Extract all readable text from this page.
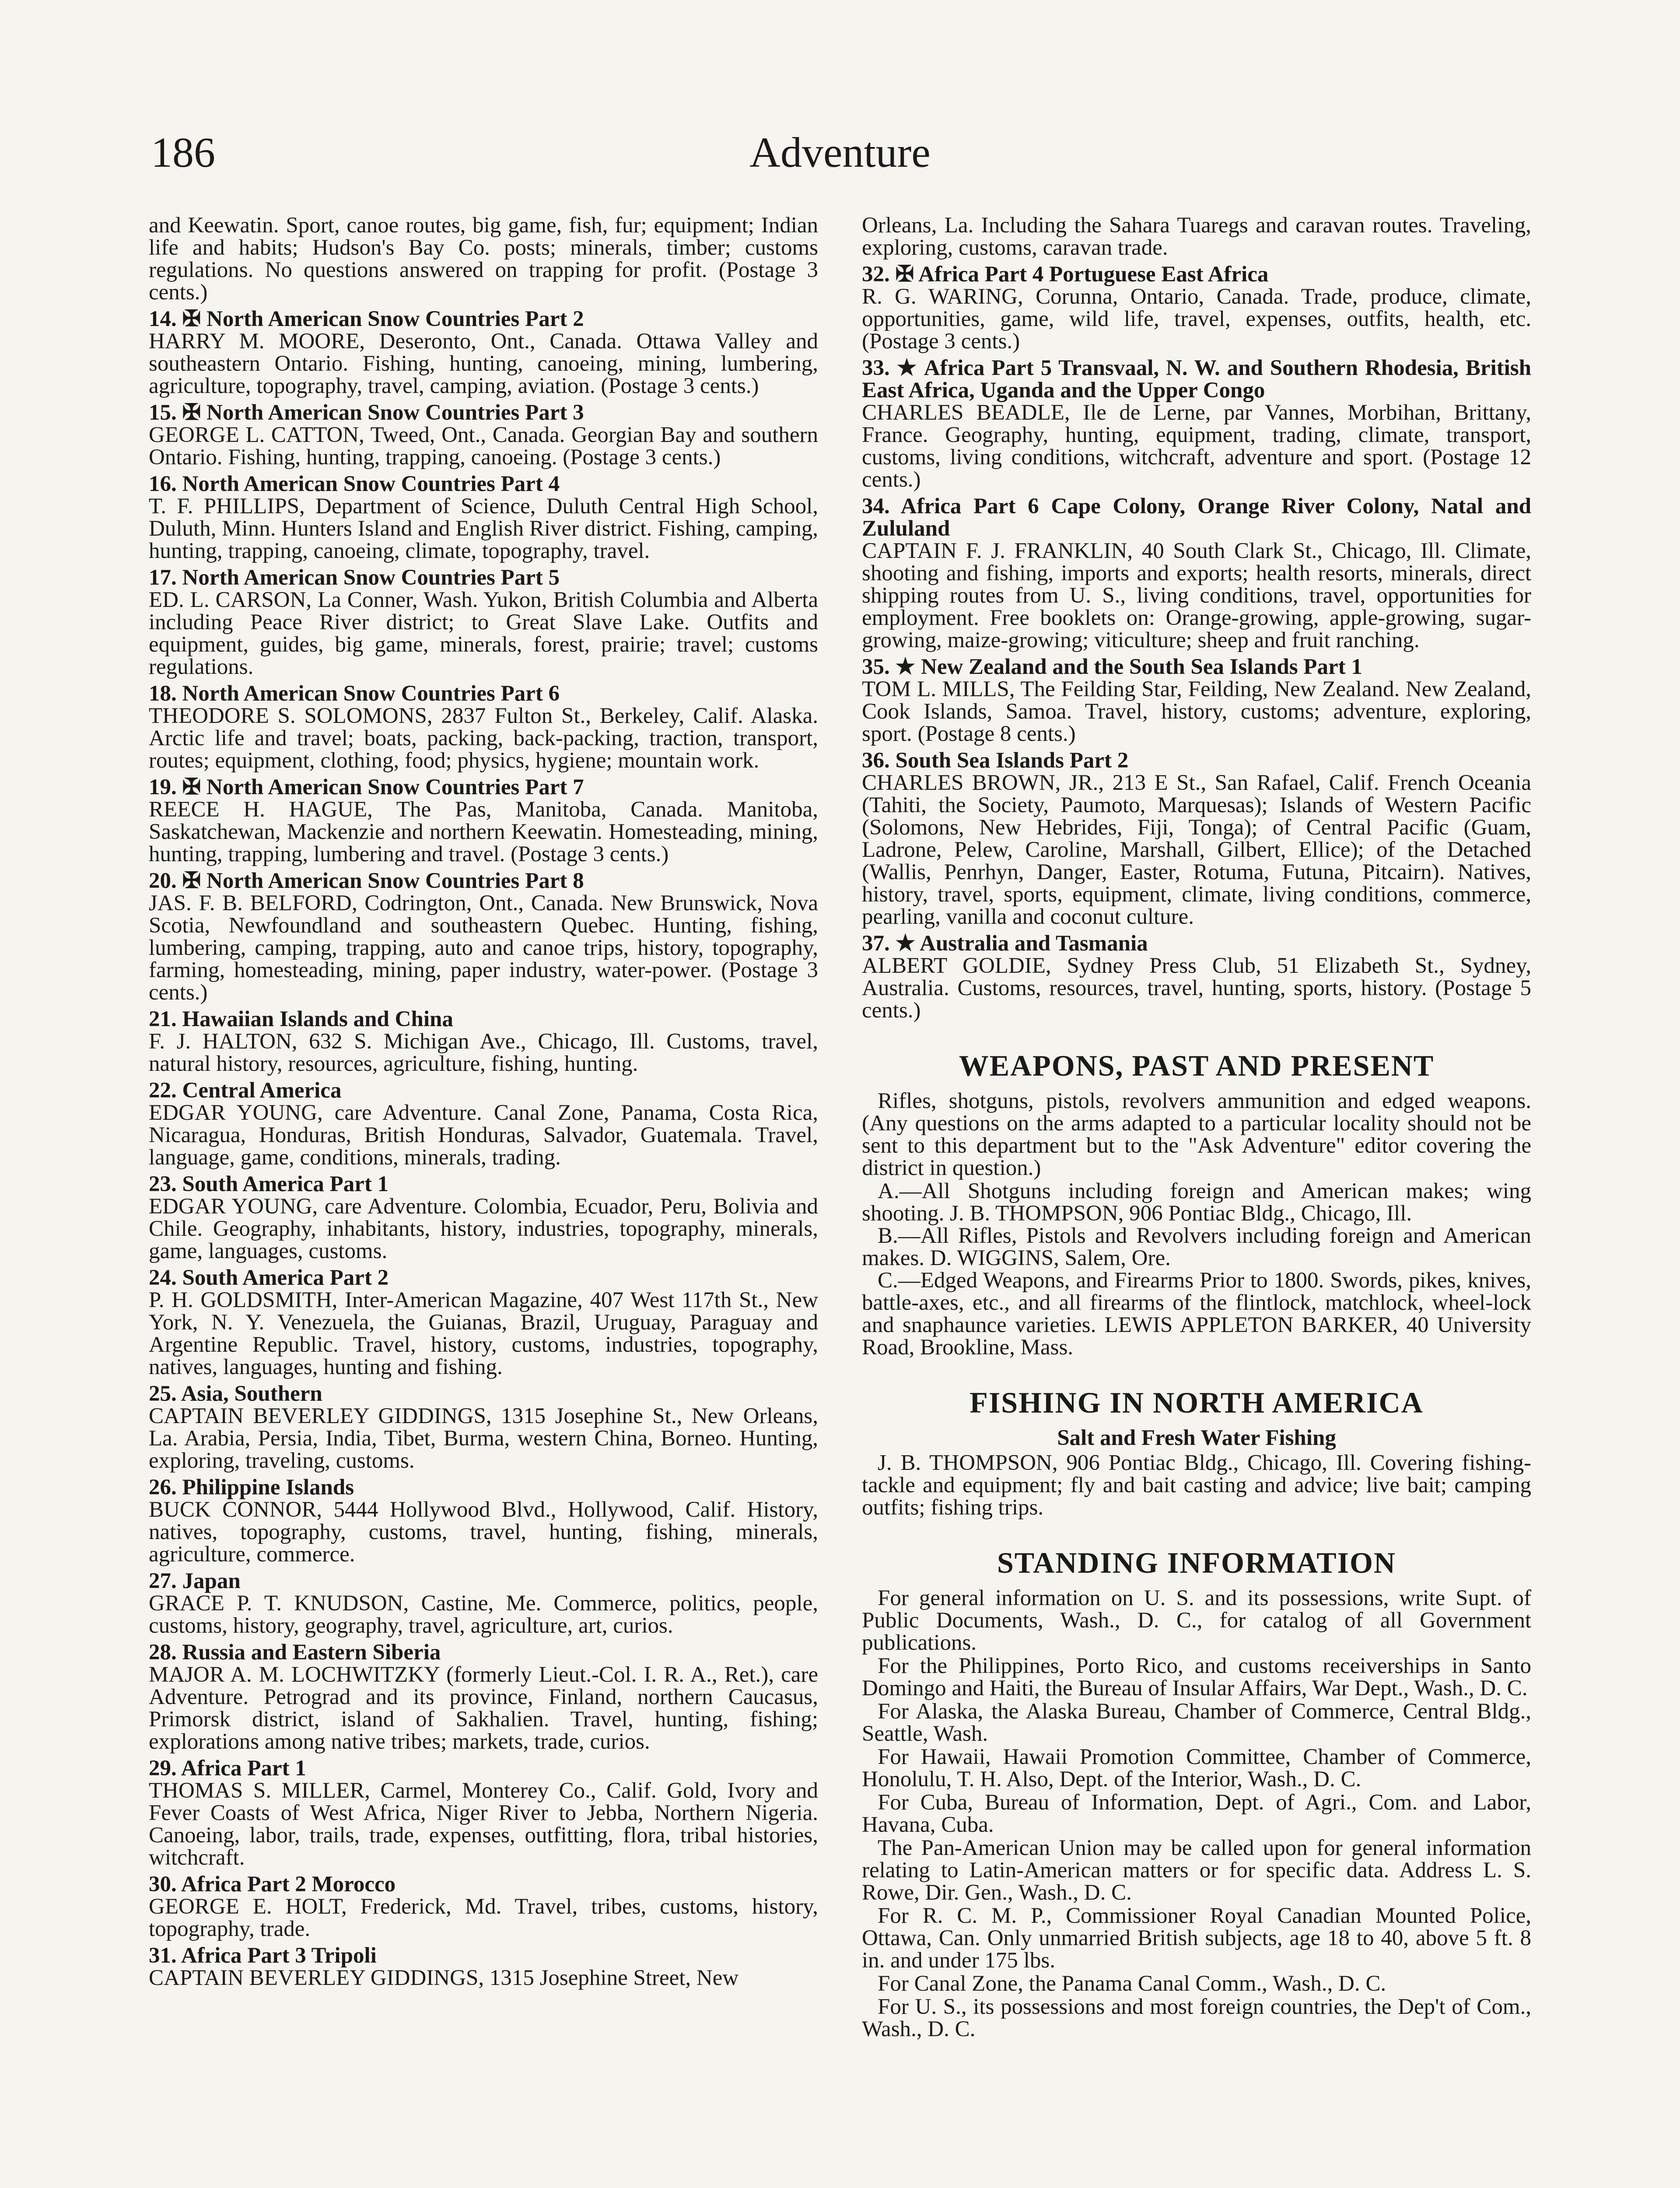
186	Adventure
and Keewatin. Sport, canoe routes, big game, fish, fur; equipment; Indian life and habits; Hudson's Bay Co. posts; minerals, timber; customs regulations. No questions answered on trapping for profit. (Postage 3 cents.)
14. ✠ North American Snow Countries Part 2
HARRY M. MOORE, Deseronto, Ont., Canada. Ottawa Valley and southeastern Ontario. Fishing, hunting, canoeing, mining, lumbering, agriculture, topography, travel, camping, aviation. (Postage 3 cents.)
15. ✠ North American Snow Countries Part 3
GEORGE L. CATTON, Tweed, Ont., Canada. Georgian Bay and southern Ontario. Fishing, hunting, trapping, canoeing. (Postage 3 cents.)
16. North American Snow Countries Part 4
T. F. PHILLIPS, Department of Science, Duluth Central High School, Duluth, Minn. Hunters Island and English River district. Fishing, camping, hunting, trapping, canoeing, climate, topography, travel.
17. North American Snow Countries Part 5
ED. L. CARSON, La Conner, Wash. Yukon, British Columbia and Alberta including Peace River district; to Great Slave Lake. Outfits and equipment, guides, big game, minerals, forest, prairie; travel; customs regulations.
18. North American Snow Countries Part 6
THEODORE S. SOLOMONS, 2837 Fulton St., Berkeley, Calif. Alaska. Arctic life and travel; boats, packing, back-packing, traction, transport, routes; equipment, clothing, food; physics, hygiene; mountain work.
19. ✠ North American Snow Countries Part 7
REECE H. HAGUE, The Pas, Manitoba, Canada. Manitoba, Saskatchewan, Mackenzie and northern Keewatin. Homesteading, mining, hunting, trapping, lumbering and travel. (Postage 3 cents.)
20. ✠ North American Snow Countries Part 8
JAS. F. B. BELFORD, Codrington, Ont., Canada. New Brunswick, Nova Scotia, Newfoundland and southeastern Quebec. Hunting, fishing, lumbering, camping, trapping, auto and canoe trips, history, topography, farming, homesteading, mining, paper industry, water-power. (Postage 3 cents.)
21. Hawaiian Islands and China
F. J. HALTON, 632 S. Michigan Ave., Chicago, Ill. Customs, travel, natural history, resources, agriculture, fishing, hunting.
22. Central America
EDGAR YOUNG, care Adventure. Canal Zone, Panama, Costa Rica, Nicaragua, Honduras, British Honduras, Salvador, Guatemala. Travel, language, game, conditions, minerals, trading.
23. South America Part 1
EDGAR YOUNG, care Adventure. Colombia, Ecuador, Peru, Bolivia and Chile. Geography, inhabitants, history, industries, topography, minerals, game, languages, customs.
24. South America Part 2
P. H. GOLDSMITH, Inter-American Magazine, 407 West 117th St., New York, N. Y. Venezuela, the Guianas, Brazil, Uruguay, Paraguay and Argentine Republic. Travel, history, customs, industries, topography, natives, languages, hunting and fishing.
25. Asia, Southern
CAPTAIN BEVERLEY GIDDINGS, 1315 Josephine St., New Orleans, La. Arabia, Persia, India, Tibet, Burma, western China, Borneo. Hunting, exploring, traveling, customs.
26. Philippine Islands
BUCK CONNOR, 5444 Hollywood Blvd., Hollywood, Calif. History, natives, topography, customs, travel, hunting, fishing, minerals, agriculture, commerce.
27. Japan
GRACE P. T. KNUDSON, Castine, Me. Commerce, politics, people, customs, history, geography, travel, agriculture, art, curios.
28. Russia and Eastern Siberia
MAJOR A. M. LOCHWITZKY (formerly Lieut.-Col. I. R. A., Ret.), care Adventure. Petrograd and its province, Finland, northern Caucasus, Primorsk district, island of Sakhalien. Travel, hunting, fishing; explorations among native tribes; markets, trade, curios.
29. Africa Part 1
THOMAS S. MILLER, Carmel, Monterey Co., Calif. Gold, Ivory and Fever Coasts of West Africa, Niger River to Jebba, Northern Nigeria. Canoeing, labor, trails, trade, expenses, outfitting, flora, tribal histories, witchcraft.
30. Africa Part 2 Morocco
GEORGE E. HOLT, Frederick, Md. Travel, tribes, customs, history, topography, trade.
31. Africa Part 3 Tripoli
CAPTAIN BEVERLEY GIDDINGS, 1315 Josephine Street, New
Orleans, La. Including the Sahara Tuaregs and caravan routes. Traveling, exploring, customs, caravan trade.
32. ✠ Africa Part 4 Portuguese East Africa
R. G. WARING, Corunna, Ontario, Canada. Trade, produce, climate, opportunities, game, wild life, travel, expenses, outfits, health, etc. (Postage 3 cents.)
33. ★ Africa Part 5 Transvaal, N. W. and Southern Rhodesia, British East Africa, Uganda and the Upper Congo
CHARLES BEADLE, Ile de Lerne, par Vannes, Morbihan, Brittany, France. Geography, hunting, equipment, trading, climate, transport, customs, living conditions, witchcraft, adventure and sport. (Postage 12 cents.)
34. Africa Part 6 Cape Colony, Orange River Colony, Natal and Zululand
CAPTAIN F. J. FRANKLIN, 40 South Clark St., Chicago, Ill. Climate, shooting and fishing, imports and exports; health resorts, minerals, direct shipping routes from U. S., living conditions, travel, opportunities for employment. Free booklets on: Orange-growing, apple-growing, sugar-growing, maize-growing; viticulture; sheep and fruit ranching.
35. ★ New Zealand and the South Sea Islands Part 1
TOM L. MILLS, The Feilding Star, Feilding, New Zealand. New Zealand, Cook Islands, Samoa. Travel, history, customs; adventure, exploring, sport. (Postage 8 cents.)
36. South Sea Islands Part 2
CHARLES BROWN, JR., 213 E St., San Rafael, Calif. French Oceania (Tahiti, the Society, Paumoto, Marquesas); Islands of Western Pacific (Solomons, New Hebrides, Fiji, Tonga); of Central Pacific (Guam, Ladrone, Pelew, Caroline, Marshall, Gilbert, Ellice); of the Detached (Wallis, Penrhyn, Danger, Easter, Rotuma, Futuna, Pitcairn). Natives, history, travel, sports, equipment, climate, living conditions, commerce, pearling, vanilla and coconut culture.
37. ★ Australia and Tasmania
ALBERT GOLDIE, Sydney Press Club, 51 Elizabeth St., Sydney, Australia. Customs, resources, travel, hunting, sports, history. (Postage 5 cents.)
WEAPONS, PAST AND PRESENT
Rifles, shotguns, pistols, revolvers ammunition and edged weapons. (Any questions on the arms adapted to a particular locality should not be sent to this department but to the "Ask Adventure" editor covering the district in question.)
A.—All Shotguns including foreign and American makes; wing shooting. J. B. THOMPSON, 906 Pontiac Bldg., Chicago, Ill.
B.—All Rifles, Pistols and Revolvers including foreign and American makes. D. WIGGINS, Salem, Ore.
C.—Edged Weapons, and Firearms Prior to 1800. Swords, pikes, knives, battle-axes, etc., and all firearms of the flintlock, matchlock, wheel-lock and snaphaunce varieties. LEWIS APPLETON BARKER, 40 University Road, Brookline, Mass.
FISHING IN NORTH AMERICA
Salt and Fresh Water Fishing
J. B. THOMPSON, 906 Pontiac Bldg., Chicago, Ill. Covering fishing-tackle and equipment; fly and bait casting and advice; live bait; camping outfits; fishing trips.
STANDING INFORMATION
For general information on U. S. and its possessions, write Supt. of Public Documents, Wash., D. C., for catalog of all Government publications.
For the Philippines, Porto Rico, and customs receiverships in Santo Domingo and Haiti, the Bureau of Insular Affairs, War Dept., Wash., D. C.
For Alaska, the Alaska Bureau, Chamber of Commerce, Central Bldg., Seattle, Wash.
For Hawaii, Hawaii Promotion Committee, Chamber of Commerce, Honolulu, T. H. Also, Dept. of the Interior, Wash., D. C.
For Cuba, Bureau of Information, Dept. of Agri., Com. and Labor, Havana, Cuba.
The Pan-American Union may be called upon for general information relating to Latin-American matters or for specific data. Address L. S. Rowe, Dir. Gen., Wash., D. C.
For R. C. M. P., Commissioner Royal Canadian Mounted Police, Ottawa, Can. Only unmarried British subjects, age 18 to 40, above 5 ft. 8 in. and under 175 lbs.
For Canal Zone, the Panama Canal Comm., Wash., D. C.
For U. S., its possessions and most foreign countries, the Dep't of Com., Wash., D. C.
